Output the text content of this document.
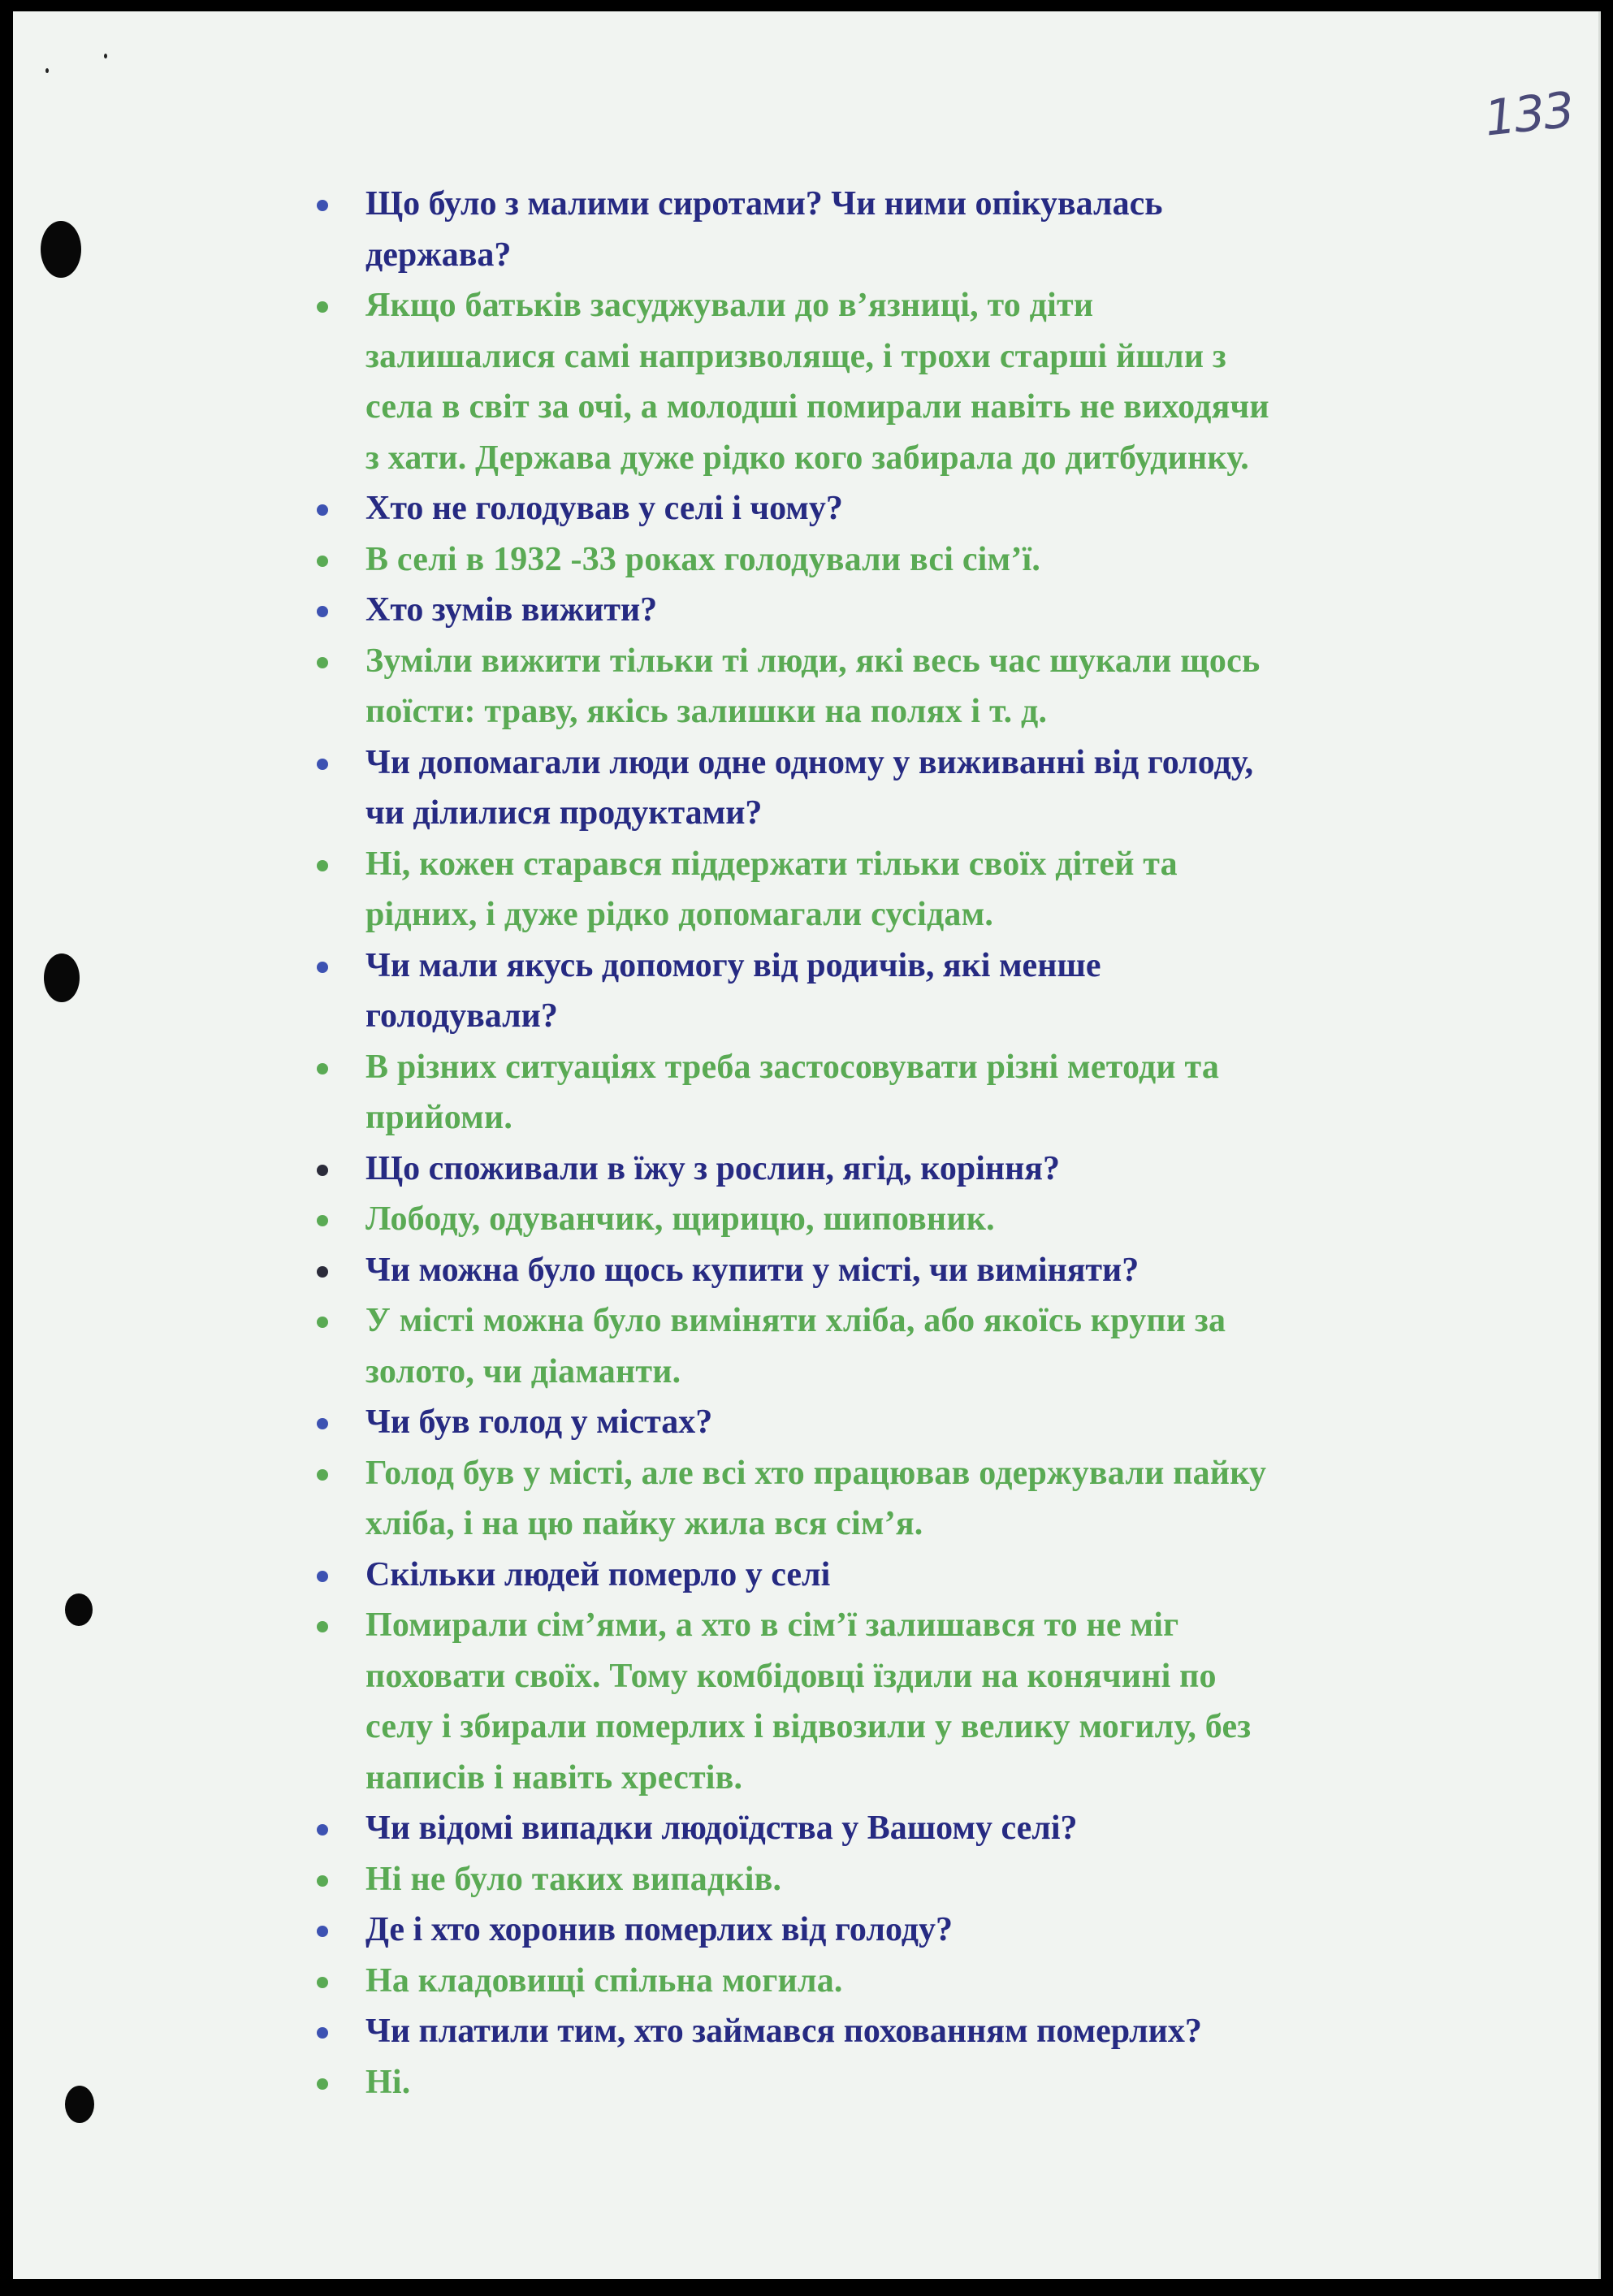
133
Що було з малими сиротами? Чи ними опікувалась
держава?
Якщо батьків засуджували до в’язниці, то діти
залишалися самі напризволяще, і трохи старші йшли з
села в світ за очі, а молодші помирали навіть не виходячи
з хати. Держава дуже рідко кого забирала до дитбудинку.
Хто не голодував у селі і чому?
В селі в 1932 -33 роках голодували всі сім’ї.
Хто зумів вижити?
Зуміли вижити тільки ті люди, які весь час шукали щось
поїсти: траву, якісь залишки на полях і т. д.
Чи допомагали люди одне одному у виживанні від голоду,
чи ділилися продуктами?
Ні, кожен старався піддержати тільки своїх дітей та
рідних, і дуже рідко допомагали сусідам.
Чи мали якусь допомогу від родичів, які менше
голодували?
В різних ситуаціях треба застосовувати різні методи та
прийоми.
Що споживали в їжу з рослин, ягід, коріння?
Лободу, одуванчик, щирицю, шиповник.
Чи можна було щось купити у місті, чи виміняти?
У місті можна було виміняти хліба, або якоїсь крупи за
золото, чи діаманти.
Чи був голод у містах?
Голод був у місті, але всі хто працював одержували пайку
хліба, і на цю пайку жила вся сім’я.
Скільки людей померло у селі
Помирали сім’ями, а хто в сім’ї залишався то не міг
поховати своїх. Тому комбідовці їздили на конячині по
селу і збирали померлих і відвозили у велику могилу, без
написів і навіть хрестів.
Чи відомі випадки людоїдства у Вашому селі?
Ні не було таких випадків.
Де і хто хоронив померлих від голоду?
На кладовищі спільна могила.
Чи платили тим, хто займався похованням померлих?
Ні.
